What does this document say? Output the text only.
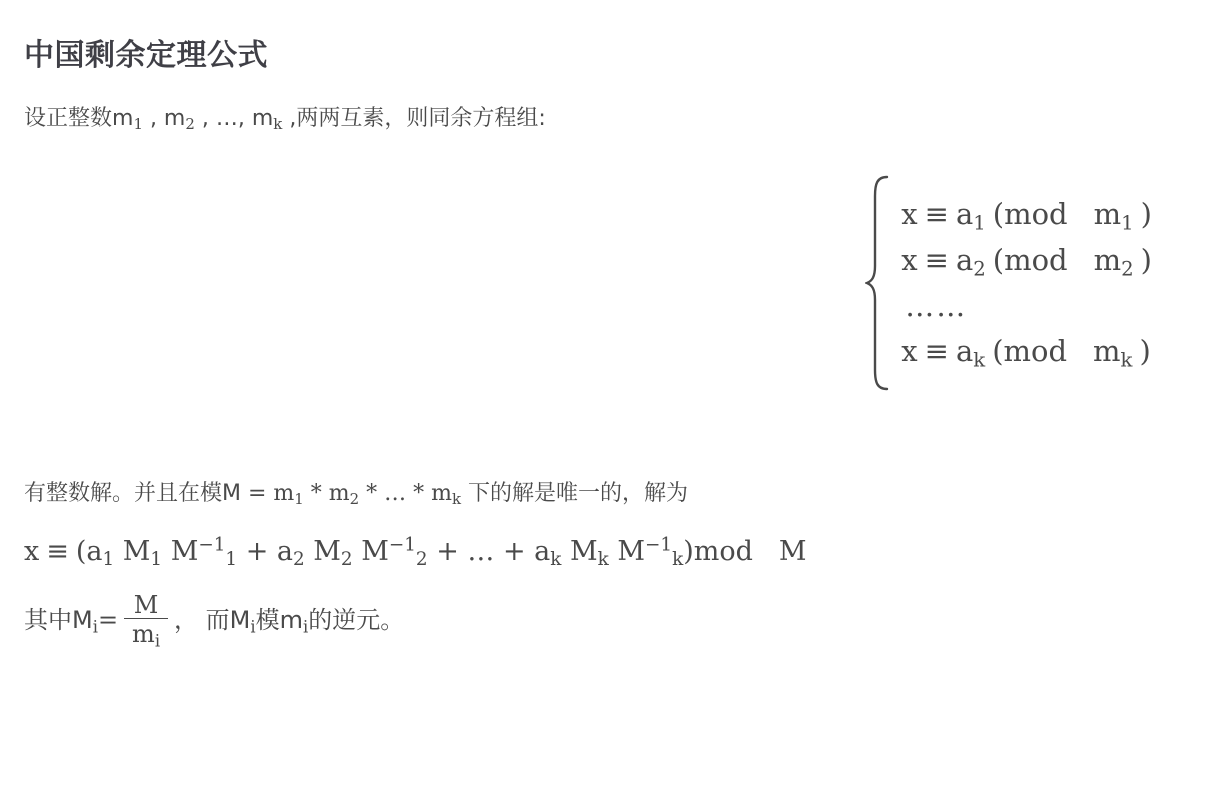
中国剩余定理公式

设正整数$m_1$ , $m_2$ , …, $m_k$ ,两两互素，则同余方程组:

$x \equiv a_1$ (mod $m_1$ )
$x \equiv a_2$ (mod $m_2$ )
……
$x \equiv a_k$ (mod $m_k$ )
有整数解。并且在模$M = m_1 * m_2$ * … * $m_k$ 下的解是唯一的，解为
$x \equiv (a_1$ $M_1$ $M^{-1}_1 + a_2$ $M_2$ $M^{-1}_2$ + … + $a_k$ $M_k$ $M^{-1}_k)mod$ M
其中M $_i = \frac{M}{m_i}$ ， 而M $_i$ 模m $_i$ 的逆元。
